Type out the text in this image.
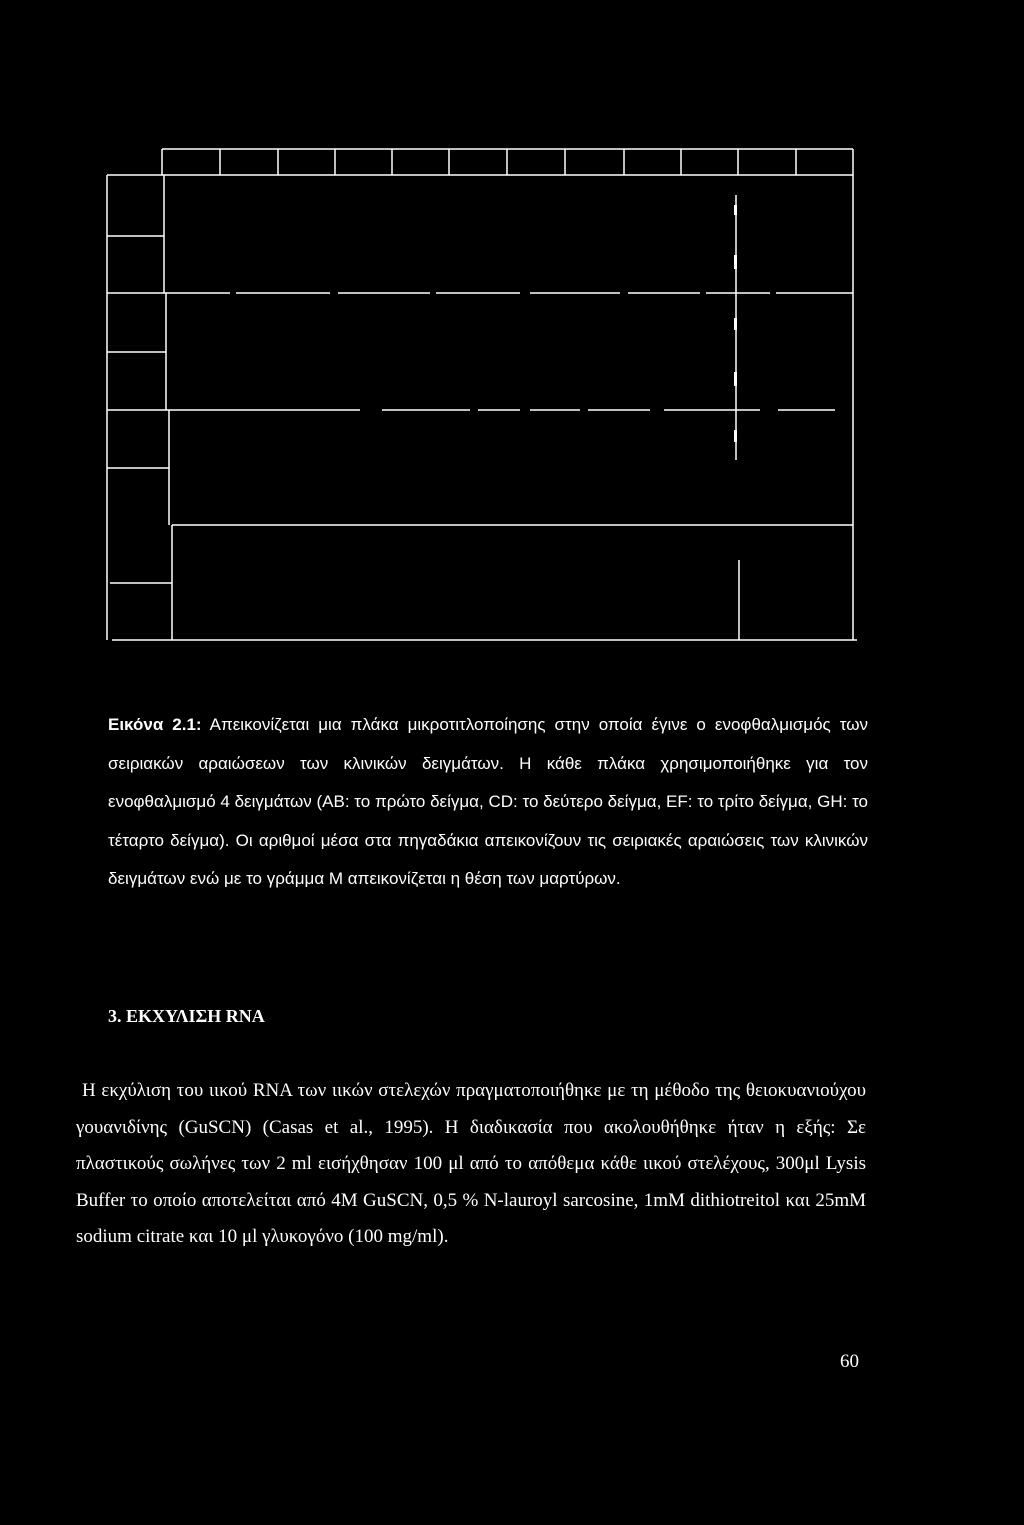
Εικόνα 2.1: Απεικονίζεται μια πλάκα μικροτιτλοποίησης στην οποία έγινε ο ενοφθαλμισμός των σειριακών αραιώσεων των κλινικών δειγμάτων. Η κάθε πλάκα χρησιμοποιήθηκε για τον ενοφθαλμισμό 4 δειγμάτων (AB: το πρώτο δείγμα, CD: το δεύτερο δείγμα, EF: το τρίτο δείγμα, GH: το τέταρτο δείγμα). Οι αριθμοί μέσα στα πηγαδάκια απεικονίζουν τις σειριακές αραιώσεις των κλινικών δειγμάτων ενώ με το γράμμα M απεικονίζεται η θέση των μαρτύρων.

3. ΕΚΧΥΛΙΣΗ RNA

Η εκχύλιση του ιικού RNA των ιικών στελεχών πραγματοποιήθηκε με τη μέθοδο της θειοκυανιούχου γουανιδίνης (GuSCN) (Casas et al., 1995). Η διαδικασία που ακολουθήθηκε ήταν η εξής: Σε πλαστικούς σωλήνες των 2 ml εισήχθησαν 100 μl από το απόθεμα κάθε ιικού στελέχους, 300μl Lysis Buffer το οποίο αποτελείται από 4M GuSCN, 0,5 % N-lauroyl sarcosine, 1mM dithiotreitol και 25mM sodium citrate και 10 μl γλυκογόνο (100 mg/ml).

60
